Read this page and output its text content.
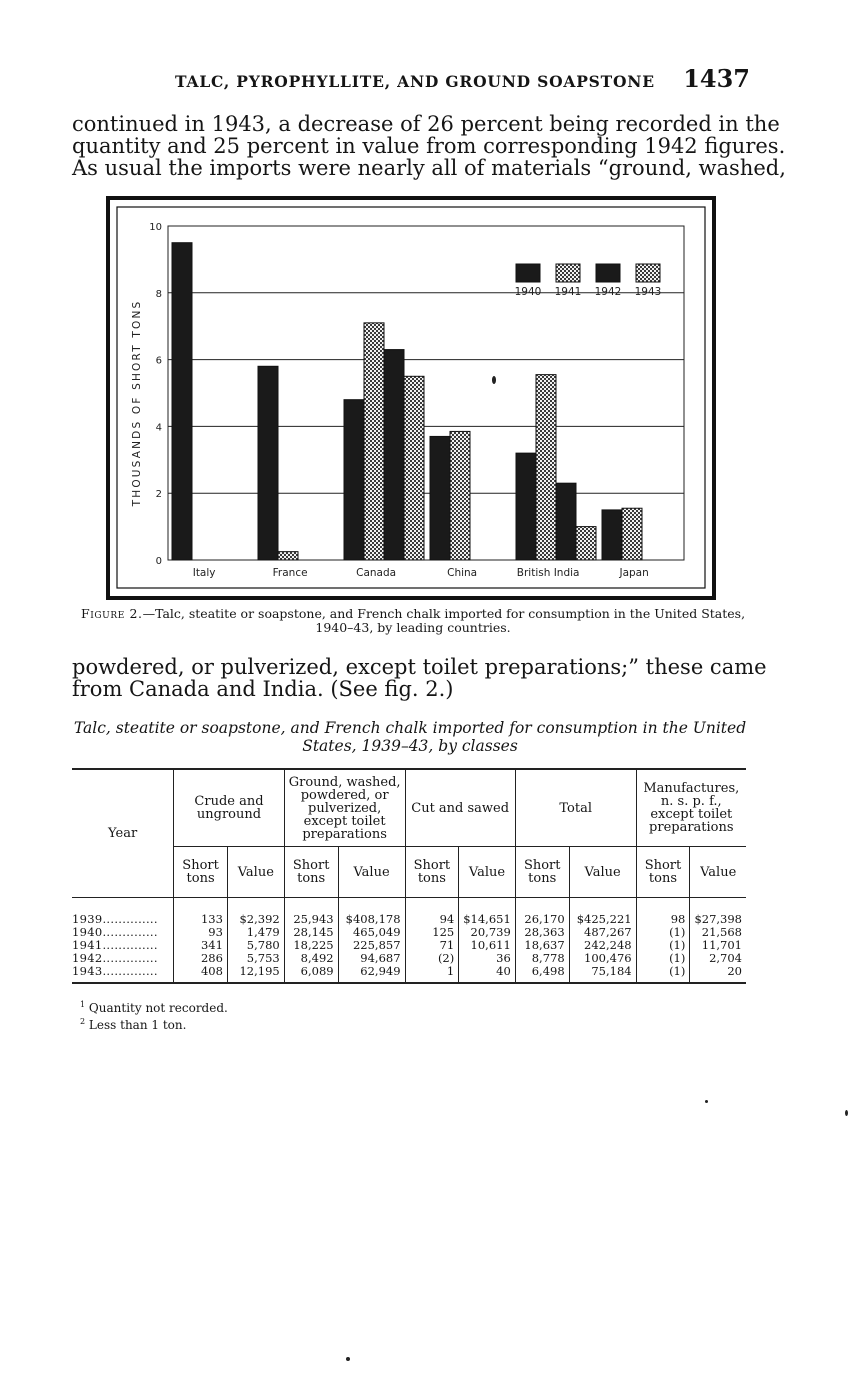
TALC, PYROPHYLLITE, AND GROUND SOAPSTONE 1437

continued in 1943, a decrease of 26 percent being recorded in the
quantity and 25 percent in value from corresponding 1942 figures.
As usual the imports were nearly all of materials “ground, washed,

0
2
4
6
8
10
THOUSANDS OF SHORT TONS
Italy	France	Canada	China	British India	Japan
1940 1941 1942 1943
Figure 2.—Talc, steatite or soapstone, and French chalk imported for consumption in the United States, 1940–43, by leading countries.

powdered, or pulverized, except toilet preparations;” these came
from Canada and India. (See fig. 2.)

Talc, steatite or soapstone, and French chalk imported for consumption in the United States, 1939–43, by classes
Year	Crude and unground		Ground, washed, powdered, or pulverized, except toilet preparations		Cut and sawed		Total		Manufactures, n. s. p. f., except toilet preparations	
	Short tons	Value	Short tons	Value	Short tons	Value	Short tons	Value	Short tons	Value

1939..............	133	$2,392	25,943	$408,178	94	$14,651	26,170	$425,221	98	$27,398
1940..............	93	1,479	28,145	465,049	125	20,739	28,363	487,267	(1)	21,568
1941..............	341	5,780	18,225	225,857	71	10,611	18,637	242,248	(1)	11,701
1942..............	286	5,753	8,492	94,687	(2)	36	8,778	100,476	(1)	2,704
1943..............	408	12,195	6,089	62,949	1	40	6,498	75,184	(1)	20

$^1$ Quantity not recorded.
$^2$ Less than 1 ton.
